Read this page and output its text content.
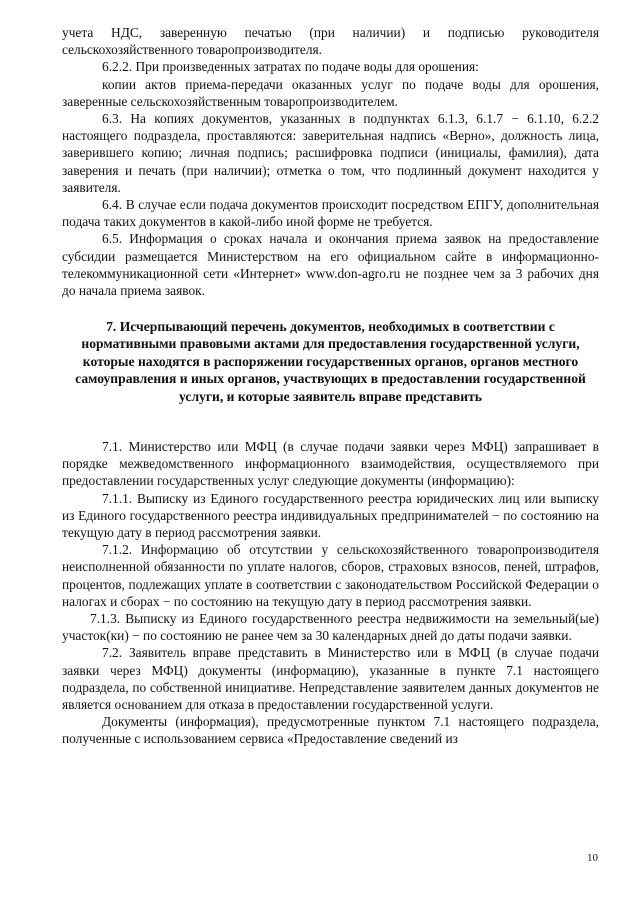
учета НДС, заверенную печатью (при наличии) и подписью руководителя сельскохозяйственного товаропроизводителя.

6.2.2. При произведенных затратах по подаче воды для орошения:

копии актов приема-передачи оказанных услуг по подаче воды для орошения, заверенные сельскохозяйственным товаропроизводителем.

6.3. На копиях документов, указанных в подпунктах 6.1.3, 6.1.7 − 6.1.10, 6.2.2 настоящего подраздела, проставляются: заверительная надпись «Верно», должность лица, заверившего копию; личная подпись; расшифровка подписи (инициалы, фамилия), дата заверения и печать (при наличии); отметка о том, что подлинный документ находится у заявителя.

6.4. В случае если подача документов происходит посредством ЕПГУ, дополнительная подача таких документов в какой-либо иной форме не требуется.

6.5. Информация о сроках начала и окончания приема заявок на предоставление субсидии размещается Министерством на его официальном сайте в информационно-телекоммуникационной сети «Интернет» www.don-agro.ru не позднее чем за 3 рабочих дня до начала приема заявок.

7. Исчерпывающий перечень документов, необходимых в соответствии с нормативными правовыми актами для предоставления государственной услуги, которые находятся в распоряжении государственных органов, органов местного самоуправления и иных органов, участвующих в предоставлении государственной услуги, и которые заявитель вправе представить

7.1. Министерство или МФЦ (в случае подачи заявки через МФЦ) запрашивает в порядке межведомственного информационного взаимодействия, осуществляемого при предоставлении государственных услуг следующие документы (информацию):

7.1.1. Выписку из Единого государственного реестра юридических лиц или выписку из Единого государственного реестра индивидуальных предпринимателей − по состоянию на текущую дату в период рассмотрения заявки.

7.1.2. Информацию об отсутствии у сельскохозяйственного товаропроизводителя неисполненной обязанности по уплате налогов, сборов, страховых взносов, пеней, штрафов, процентов, подлежащих уплате в соответствии с законодательством Российской Федерации о налогах и сборах − по состоянию на текущую дату в период рассмотрения заявки.

7.1.3. Выписку из Единого государственного реестра недвижимости на земельный(ые) участок(ки) − по состоянию не ранее чем за 30 календарных дней до даты подачи заявки.

7.2. Заявитель вправе представить в Министерство или в МФЦ (в случае подачи заявки через МФЦ) документы (информацию), указанные в пункте 7.1 настоящего подраздела, по собственной инициативе. Непредставление заявителем данных документов не является основанием для отказа в предоставлении государственной услуги.

Документы (информация), предусмотренные пунктом 7.1 настоящего подраздела, полученные с использованием сервиса «Предоставление сведений из

10
